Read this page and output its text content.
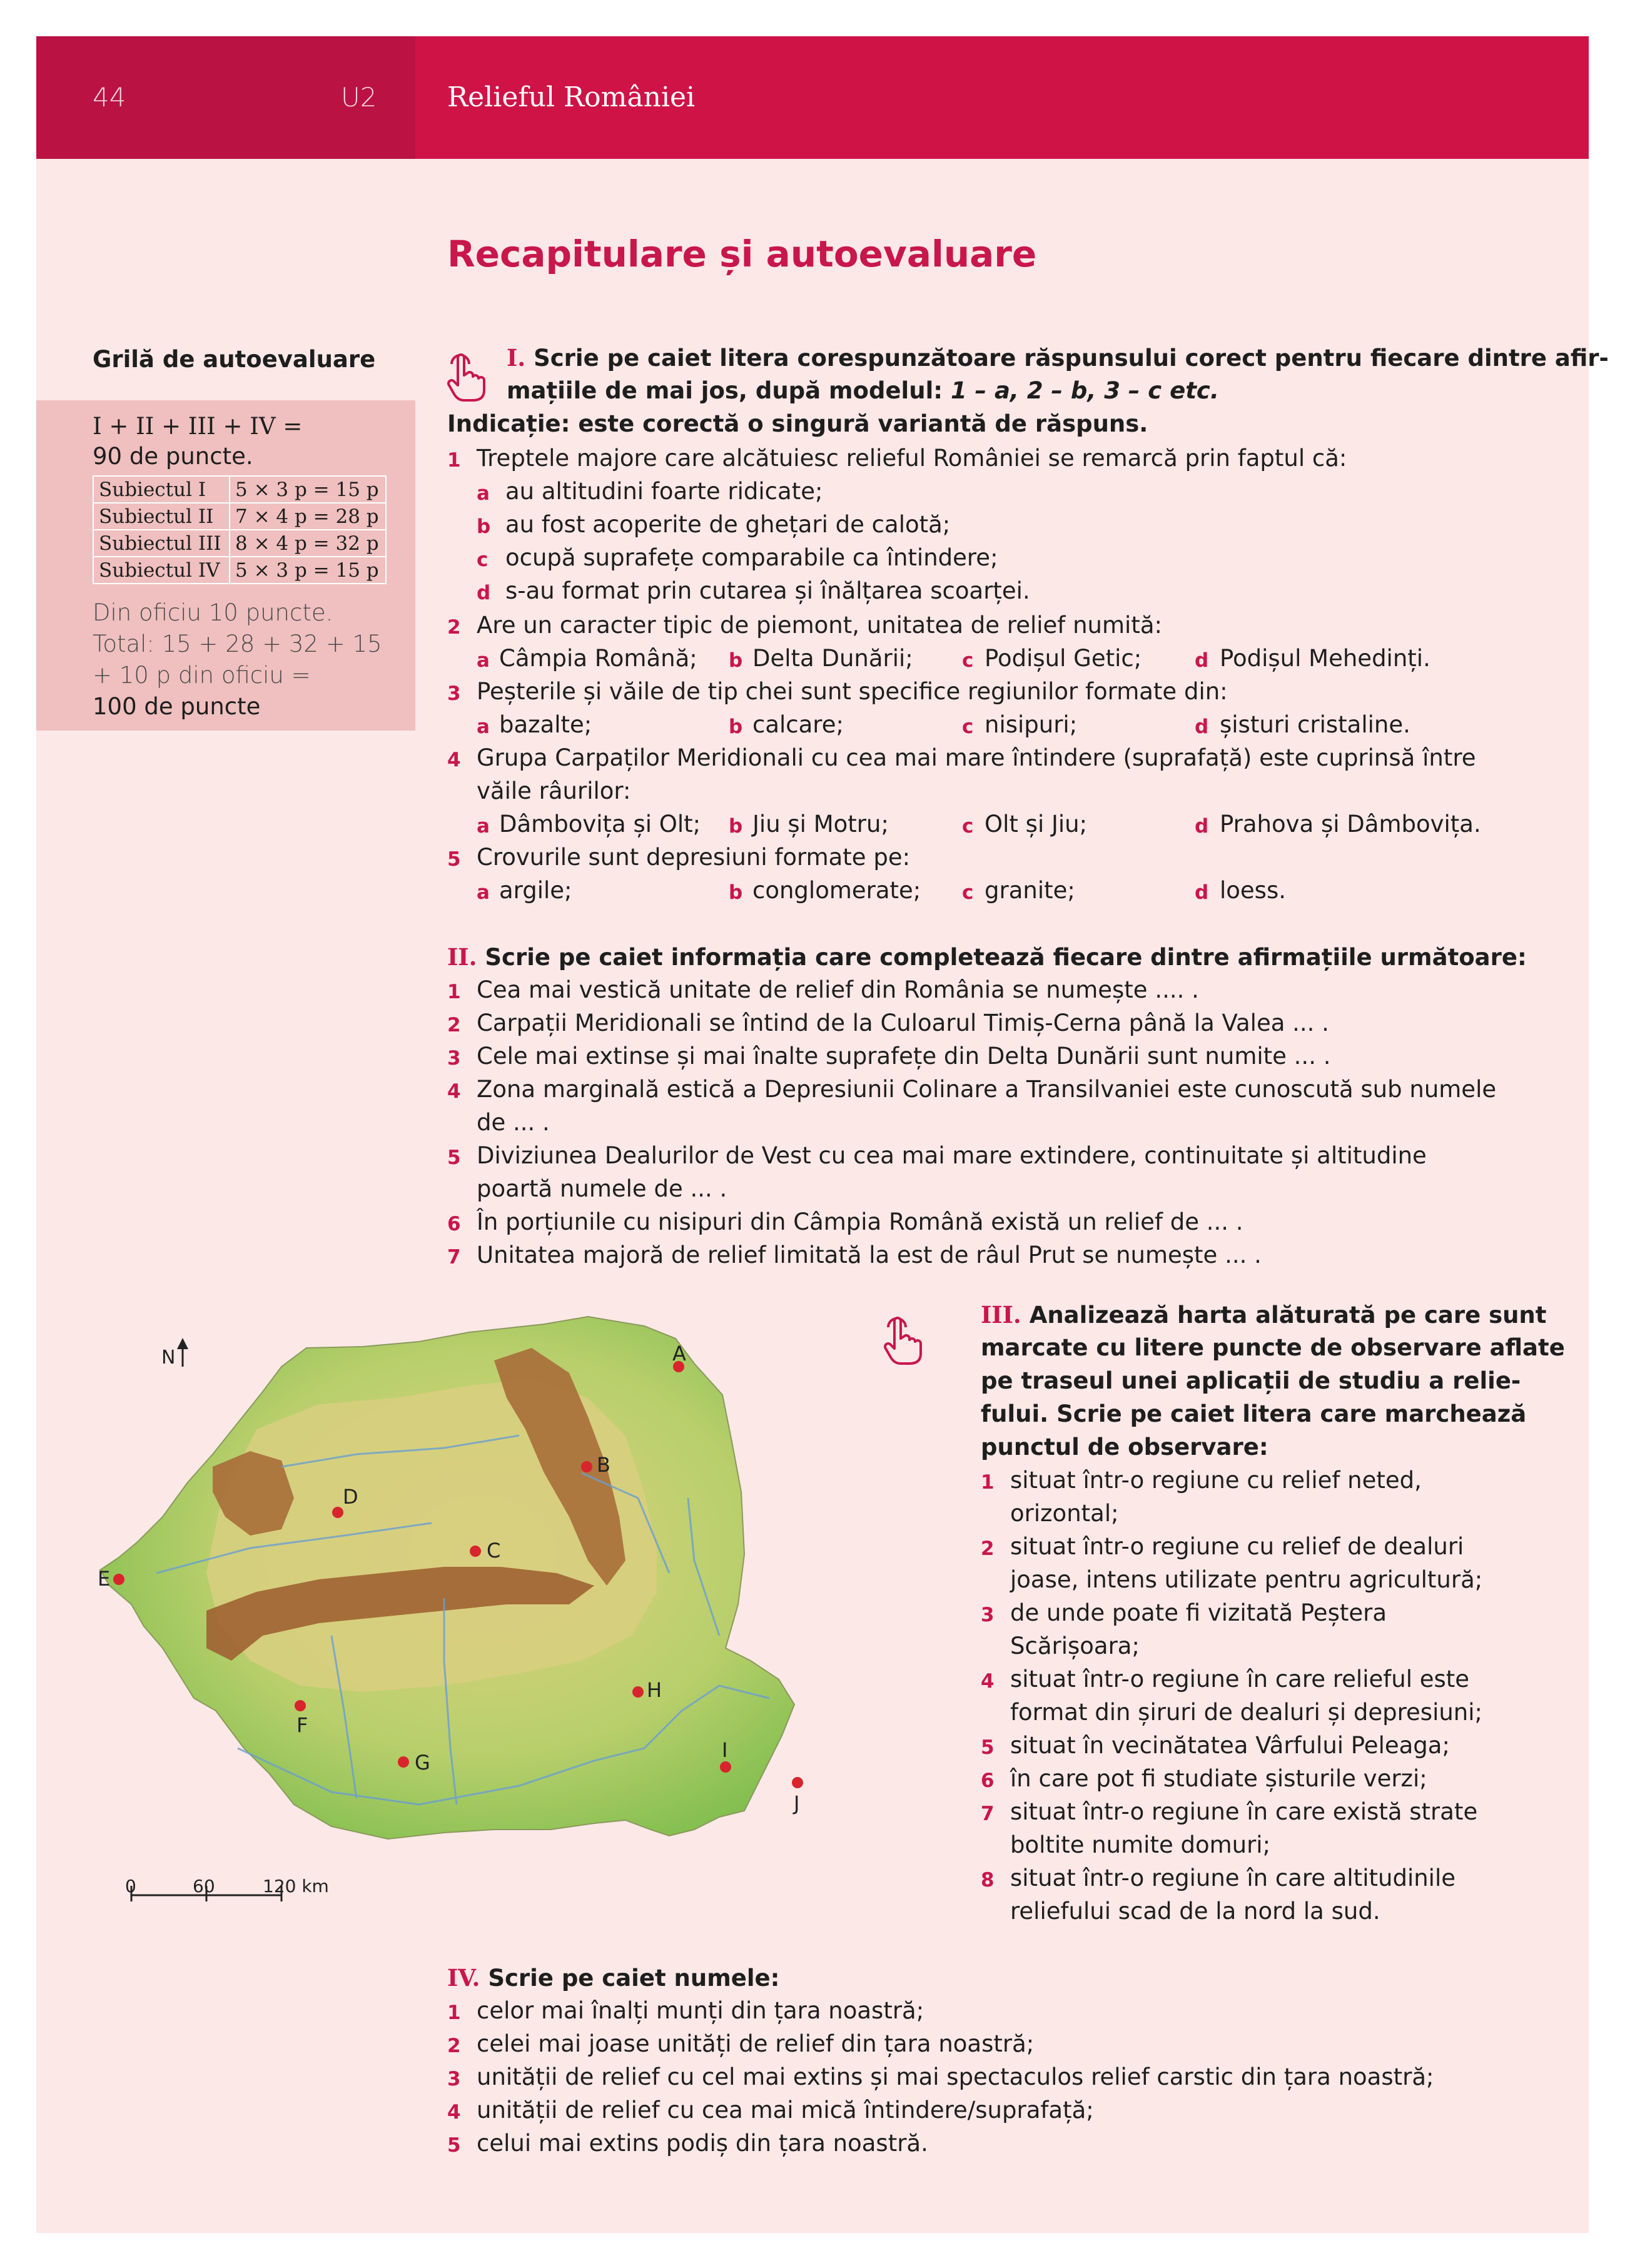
44	U2	Relieful României
Recapitulare și autoevaluare
Grilă de autoevaluare
I + II + III + IV =
90 de puncte.
Subiectul I	5 × 3 p = 15 p
Subiectul II	7 × 4 p = 28 p
Subiectul III	8 × 4 p = 32 p
Subiectul IV	5 × 3 p = 15 p
Din oficiu 10 puncte.
Total: 15 + 28 + 32 + 15
+ 10 p din oficiu =
100 de puncte
I. Scrie pe caiet litera corespunzătoare răspunsului corect pentru fiecare dintre afir-
mațiile de mai jos, după modelul: 1 – a, 2 – b, 3 – c etc.
Indicație: este corectă o singură variantă de răspuns.
1 Treptele majore care alcătuiesc relieful României se remarcă prin faptul că:
a au altitudini foarte ridicate;
b au fost acoperite de ghețari de calotă;
c ocupă suprafețe comparabile ca întindere;
d s-au format prin cutarea și înălțarea scoarței.
2 Are un caracter tipic de piemont, unitatea de relief numită:
a Câmpia Română; b Delta Dunării;	c Podișul Getic;	d Podișul Mehedinți.
3 Peșterile și văile de tip chei sunt specifice regiunilor formate din:
a bazalte;	b calcare;	c nisipuri;	d șisturi cristaline.
4 Grupa Carpaților Meridionali cu cea mai mare întindere (suprafață) este cuprinsă între
văile râurilor:
a Dâmbovița și Olt; b Jiu și Motru;	c Olt și Jiu;	d Prahova și Dâmbovița.
5 Crovurile sunt depresiuni formate pe:
a argile;	b conglomerate; c granite;	d loess.
II. Scrie pe caiet informația care completează fiecare dintre afirmațiile următoare:
1 Cea mai vestică unitate de relief din România se numește .... .
2 Carpații Meridionali se întind de la Culoarul Timiș-Cerna până la Valea ... .
3 Cele mai extinse și mai înalte suprafețe din Delta Dunării sunt numite ... .
4 Zona marginală estică a Depresiunii Colinare a Transilvaniei este cunoscută sub numele
de ... .
5 Diviziunea Dealurilor de Vest cu cea mai mare extindere, continuitate și altitudine
poartă numele de ... .
6 În porțiunile cu nisipuri din Câmpia Română există un relief de ... .
7 Unitatea majoră de relief limitată la est de râul Prut se numește ... .
A
B
C
D
E
F
G
H
I
J
N
0	60	120 km
III. Analizează harta alăturată pe care sunt
marcate cu litere puncte de observare aflate
pe traseul unei aplicații de studiu a relie-
fului. Scrie pe caiet litera care marchează
punctul de observare:
1 situat într-o regiune cu relief neted,
orizontal;
2 situat într-o regiune cu relief de dealuri
joase, intens utilizate pentru agricultură;
3 de unde poate fi vizitată Peștera
Scărișoara;
4 situat într-o regiune în care relieful este
format din șiruri de dealuri și depresiuni;
5 situat în vecinătatea Vârfului Peleaga;
6 în care pot fi studiate șisturile verzi;
7 situat într-o regiune în care există strate
boltite numite domuri;
8 situat într-o regiune în care altitudinile
reliefului scad de la nord la sud.
IV. Scrie pe caiet numele:
1 celor mai înalți munți din țara noastră;
2 celei mai joase unități de relief din țara noastră;
3 unității de relief cu cel mai extins și mai spectaculos relief carstic din țara noastră;
4 unității de relief cu cea mai mică întindere/suprafață;
5 celui mai extins podiș din țara noastră.
